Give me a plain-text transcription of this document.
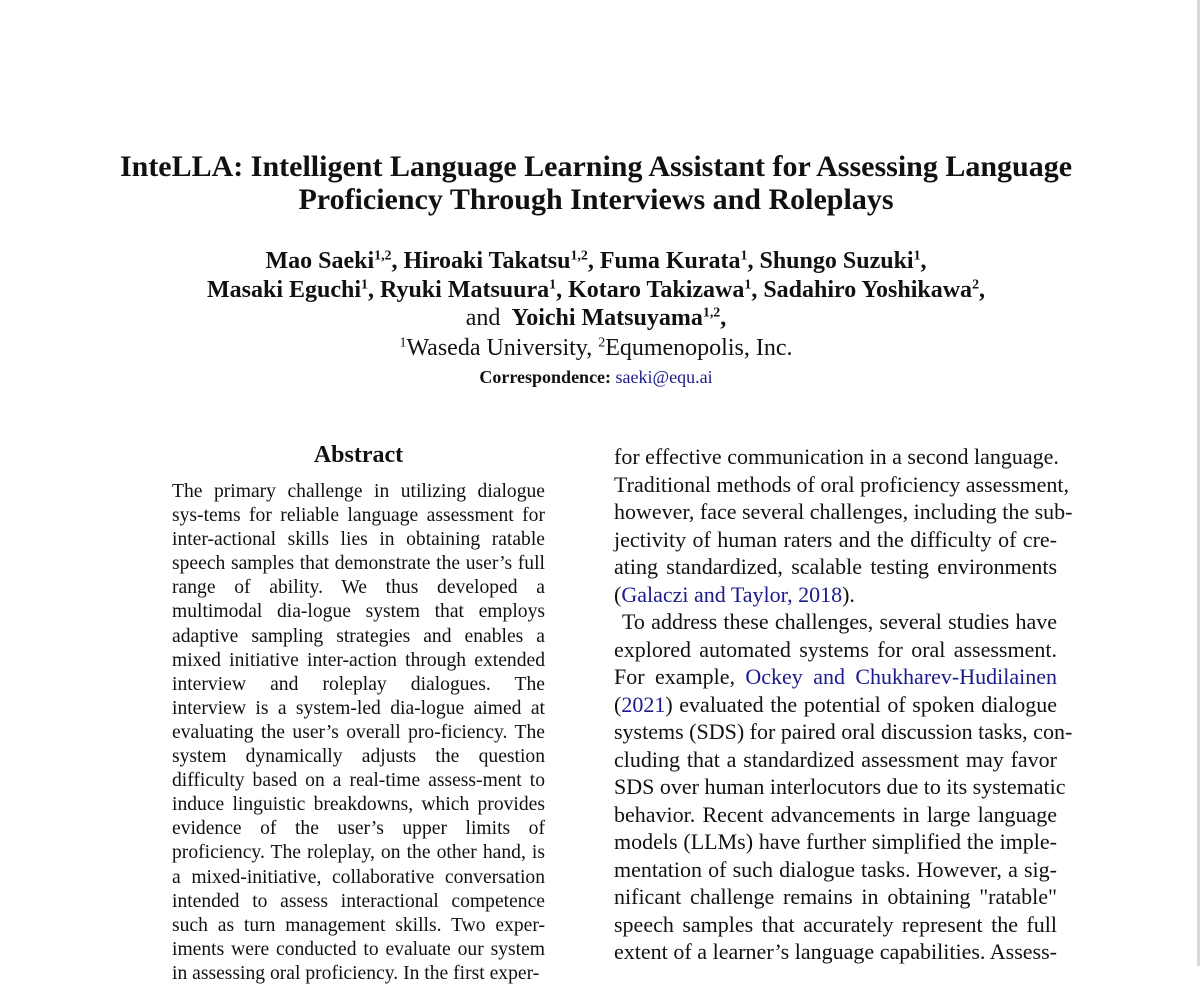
InteLLA: Intelligent Language Learning Assistant for Assessing Language
Proficiency Through Interviews and Roleplays
Mao Saeki$^{1,2}$, Hiroaki Takatsu$^{1,2}$, Fuma Kurata$^1$, Shungo Suzuki$^1$,
Masaki Eguchi$^1$, Ryuki Matsuura$^1$, Kotaro Takizawa$^1$, Sadahiro Yoshikawa$^2$,
and Yoichi Matsuyama$^{1,2}$,
$^1$Waseda University, $^2$Equmenopolis, Inc.
Correspondence: saeki@equ.ai
Abstract
The primary challenge in utilizing dialogue sys-tems for reliable language assessment for inter-actional skills lies in obtaining ratable speech samples that demonstrate the user’s full range of ability. We thus developed a multimodal dia-logue system that employs adaptive sampling strategies and enables a mixed initiative inter-action through extended interview and roleplay dialogues. The interview is a system-led dia-logue aimed at evaluating the user’s overall pro-ficiency. The system dynamically adjusts the question difficulty based on a real-time assess-ment to induce linguistic breakdowns, which provides evidence of the user’s upper limits of proficiency. The roleplay, on the other hand, is a mixed-initiative, collaborative conversation intended to assess interactional competence such as turn management skills. Two exper-iments were conducted to evaluate our system in assessing oral proficiency. In the first exper-
for effective communication in a second language.
Traditional methods of oral proficiency assessment,
however, face several challenges, including the sub-
jectivity of human raters and the difficulty of cre-
ating standardized, scalable testing environments
(Galaczi and Taylor, 2018).
To address these challenges, several studies have
explored automated systems for oral assessment.
For example, Ockey and Chukharev-Hudilainen
(2021) evaluated the potential of spoken dialogue
systems (SDS) for paired oral discussion tasks, con-
cluding that a standardized assessment may favor
SDS over human interlocutors due to its systematic
behavior. Recent advancements in large language
models (LLMs) have further simplified the imple-
mentation of such dialogue tasks. However, a sig-
nificant challenge remains in obtaining "ratable"
speech samples that accurately represent the full
extent of a learner’s language capabilities. Assess-
